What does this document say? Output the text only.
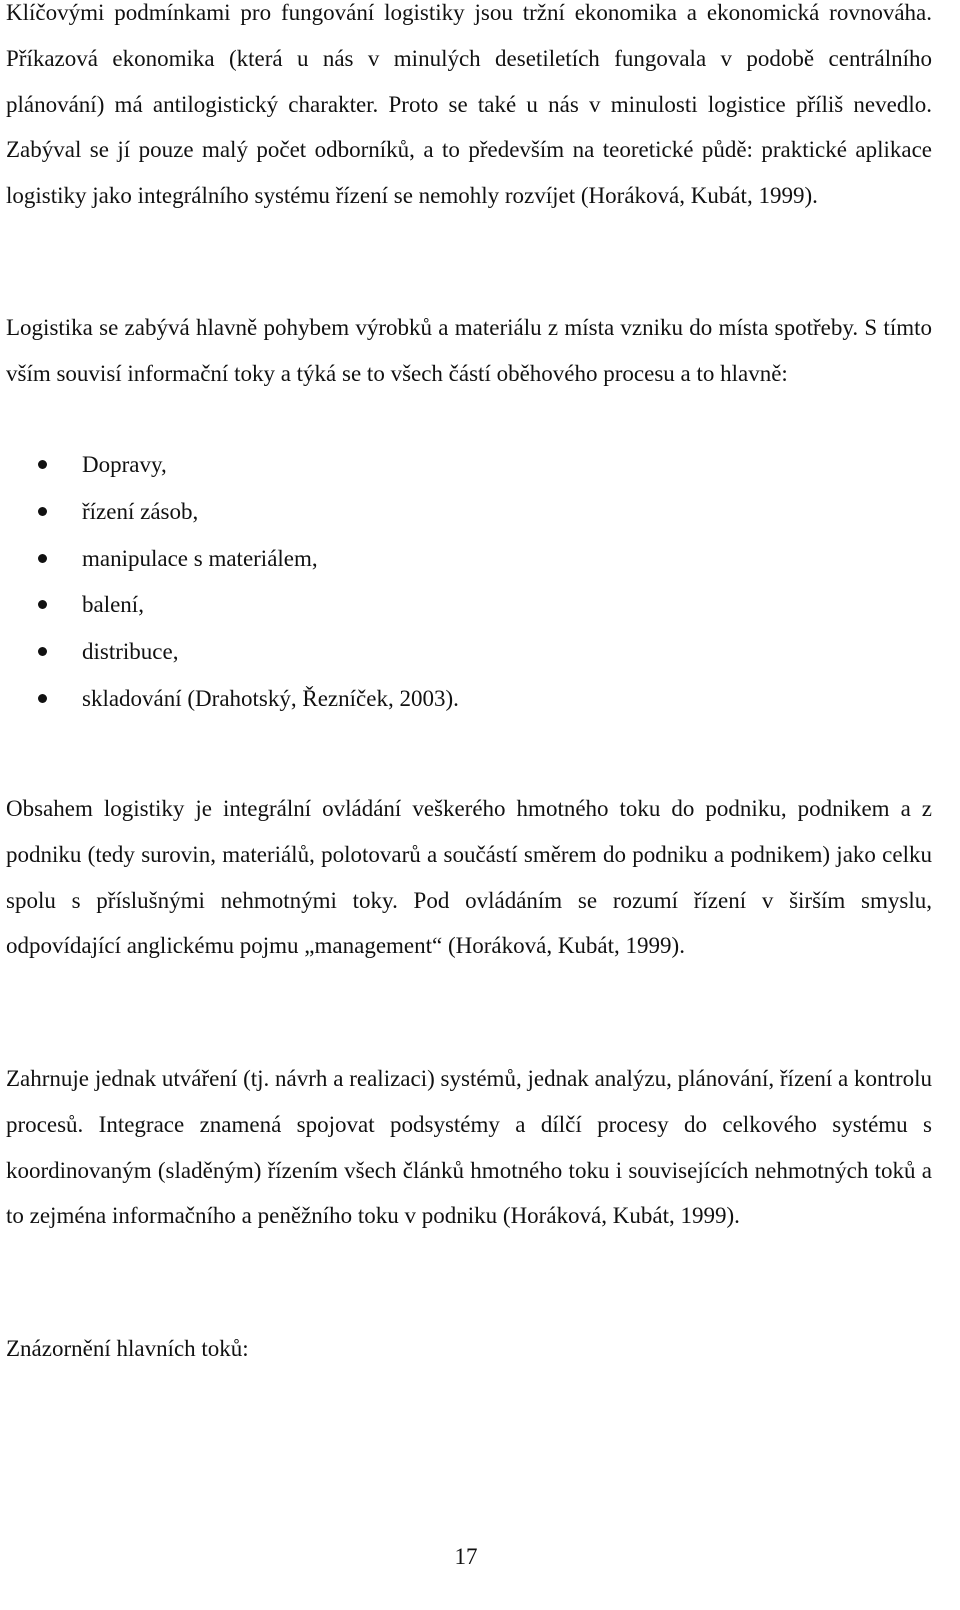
Klíčovými podmínkami pro fungování logistiky jsou tržní ekonomika a ekonomická rovnováha. Příkazová ekonomika (která u nás v minulých desetiletích fungovala v podobě centrálního plánování) má antilogistický charakter. Proto se také u nás v minulosti logistice příliš nevedlo. Zabýval se jí pouze malý počet odborníků, a to především na teoretické půdě: praktické aplikace logistiky jako integrálního systému řízení se nemohly rozvíjet (Horáková, Kubát, 1999).

Logistika se zabývá hlavně pohybem výrobků a materiálu z místa vzniku do místa spotřeby. S tímto vším souvisí informační toky a týká se to všech částí oběhového procesu a to hlavně:

Dopravy,
řízení zásob,
manipulace s materiálem,
balení,
distribuce,
skladování (Drahotský, Řezníček, 2003).

Obsahem logistiky je integrální ovládání veškerého hmotného toku do podniku, podnikem a z podniku (tedy surovin, materiálů, polotovarů a součástí směrem do podniku a podnikem) jako celku spolu s příslušnými nehmotnými toky. Pod ovládáním se rozumí řízení v širším smyslu, odpovídající anglickému pojmu „management“ (Horáková, Kubát, 1999).

Zahrnuje jednak utváření (tj. návrh a realizaci) systémů, jednak analýzu, plánování, řízení a kontrolu procesů. Integrace znamená spojovat podsystémy a dílčí procesy do celkového systému s koordinovaným (sladěným) řízením všech článků hmotného toku i souvisejících nehmotných toků a to zejména informačního a peněžního toku v podniku (Horáková, Kubát, 1999).

Znázornění hlavních toků:

17
